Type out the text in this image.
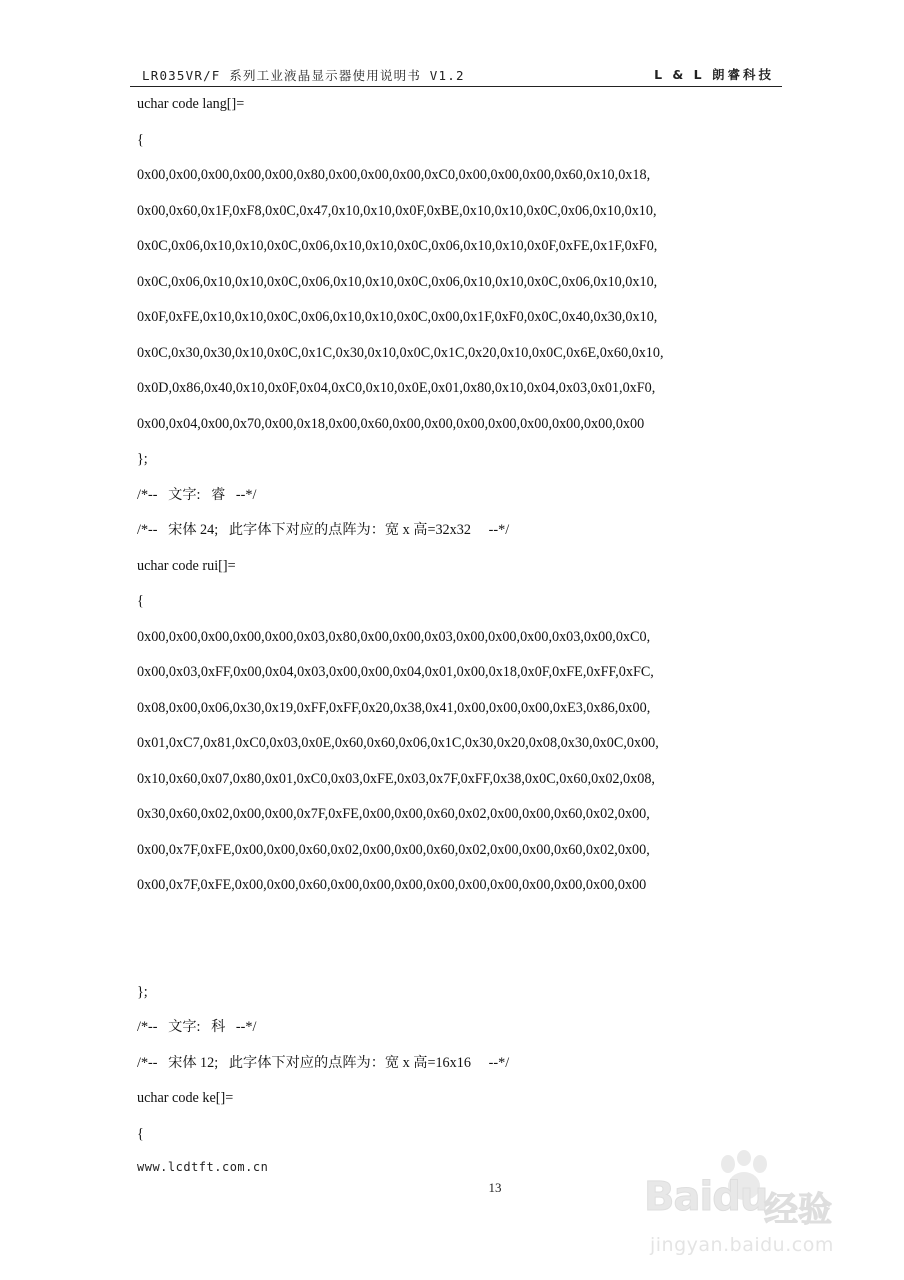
LR035VR/F 系列工业液晶显示器使用说明书 V1.2	L & L 朗睿科技
uchar code lang[]=
{
0x00,0x00,0x00,0x00,0x00,0x80,0x00,0x00,0x00,0xC0,0x00,0x00,0x00,0x60,0x10,0x18,
0x00,0x60,0x1F,0xF8,0x0C,0x47,0x10,0x10,0x0F,0xBE,0x10,0x10,0x0C,0x06,0x10,0x10,
0x0C,0x06,0x10,0x10,0x0C,0x06,0x10,0x10,0x0C,0x06,0x10,0x10,0x0F,0xFE,0x1F,0xF0,
0x0C,0x06,0x10,0x10,0x0C,0x06,0x10,0x10,0x0C,0x06,0x10,0x10,0x0C,0x06,0x10,0x10,
0x0F,0xFE,0x10,0x10,0x0C,0x06,0x10,0x10,0x0C,0x00,0x1F,0xF0,0x0C,0x40,0x30,0x10,
0x0C,0x30,0x30,0x10,0x0C,0x1C,0x30,0x10,0x0C,0x1C,0x20,0x10,0x0C,0x6E,0x60,0x10,
0x0D,0x86,0x40,0x10,0x0F,0x04,0xC0,0x10,0x0E,0x01,0x80,0x10,0x04,0x03,0x01,0xF0,
0x00,0x04,0x00,0x70,0x00,0x18,0x00,0x60,0x00,0x00,0x00,0x00,0x00,0x00,0x00,0x00
};
/*--   文字:   睿   --*/
/*--   宋体 24;   此字体下对应的点阵为：宽 x 高=32x32     --*/
uchar code rui[]=
{
0x00,0x00,0x00,0x00,0x00,0x03,0x80,0x00,0x00,0x03,0x00,0x00,0x00,0x03,0x00,0xC0,
0x00,0x03,0xFF,0x00,0x04,0x03,0x00,0x00,0x04,0x01,0x00,0x18,0x0F,0xFE,0xFF,0xFC,
0x08,0x00,0x06,0x30,0x19,0xFF,0xFF,0x20,0x38,0x41,0x00,0x00,0x00,0xE3,0x86,0x00,
0x01,0xC7,0x81,0xC0,0x03,0x0E,0x60,0x60,0x06,0x1C,0x30,0x20,0x08,0x30,0x0C,0x00,
0x10,0x60,0x07,0x80,0x01,0xC0,0x03,0xFE,0x03,0x7F,0xFF,0x38,0x0C,0x60,0x02,0x08,
0x30,0x60,0x02,0x00,0x00,0x7F,0xFE,0x00,0x00,0x60,0x02,0x00,0x00,0x60,0x02,0x00,
0x00,0x7F,0xFE,0x00,0x00,0x60,0x02,0x00,0x00,0x60,0x02,0x00,0x00,0x60,0x02,0x00,
0x00,0x7F,0xFE,0x00,0x00,0x60,0x00,0x00,0x00,0x00,0x00,0x00,0x00,0x00,0x00,0x00
};
/*--   文字:   科   --*/
/*--   宋体 12;   此字体下对应的点阵为：宽 x 高=16x16     --*/
uchar code ke[]=
{
www.lcdtft.com.cn
13	Baidu
经验
jingyan.baidu.com
